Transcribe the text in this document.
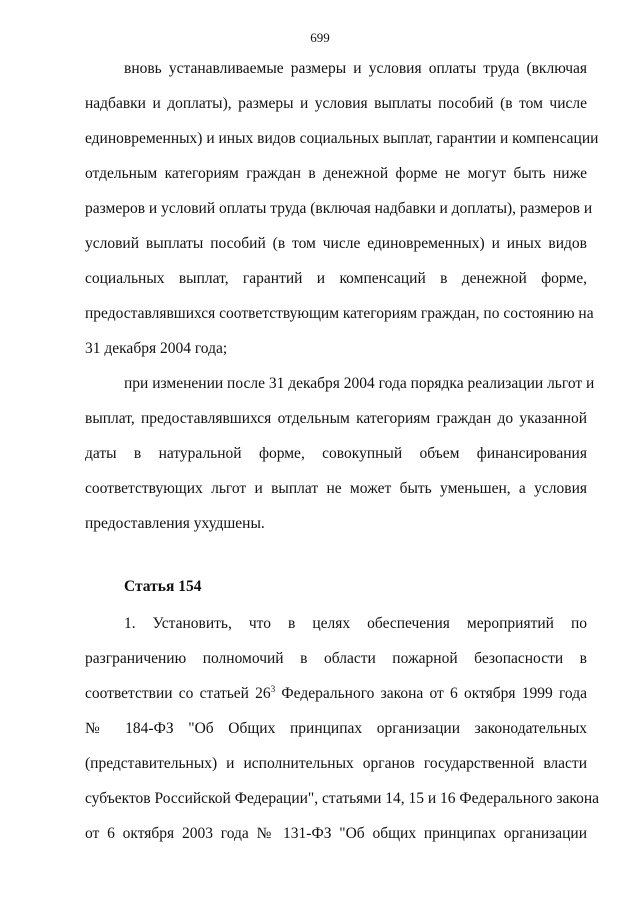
699
вновь устанавливаемые размеры и условия оплаты труда (включая
надбавки и доплаты), размеры и условия выплаты пособий (в том числе
единовременных) и иных видов социальных выплат, гарантии и компенсации
отдельным категориям граждан в денежной форме не могут быть ниже
размеров и условий оплаты труда (включая надбавки и доплаты), размеров и
условий выплаты пособий (в том числе единовременных) и иных видов
социальных выплат, гарантий и компенсаций в денежной форме,
предоставлявшихся соответствующим категориям граждан, по состоянию на
31 декабря 2004 года;
при изменении после 31 декабря 2004 года порядка реализации льгот и
выплат, предоставлявшихся отдельным категориям граждан до указанной
даты в натуральной форме, совокупный объем финансирования
соответствующих льгот и выплат не может быть уменьшен, а условия
предоставления ухудшены.
Статья 154
1. Установить, что в целях обеспечения мероприятий по
разграничению полномочий в области пожарной безопасности в
соответствии со статьей $26^3$ Федерального закона от 6 октября 1999 года
№ 184-ФЗ "Об Общих принципах организации законодательных
(представительных) и исполнительных органов государственной власти
субъектов Российской Федерации", статьями 14, 15 и 16 Федерального закона
от 6 октября 2003 года № 131-ФЗ "Об общих принципах организации
